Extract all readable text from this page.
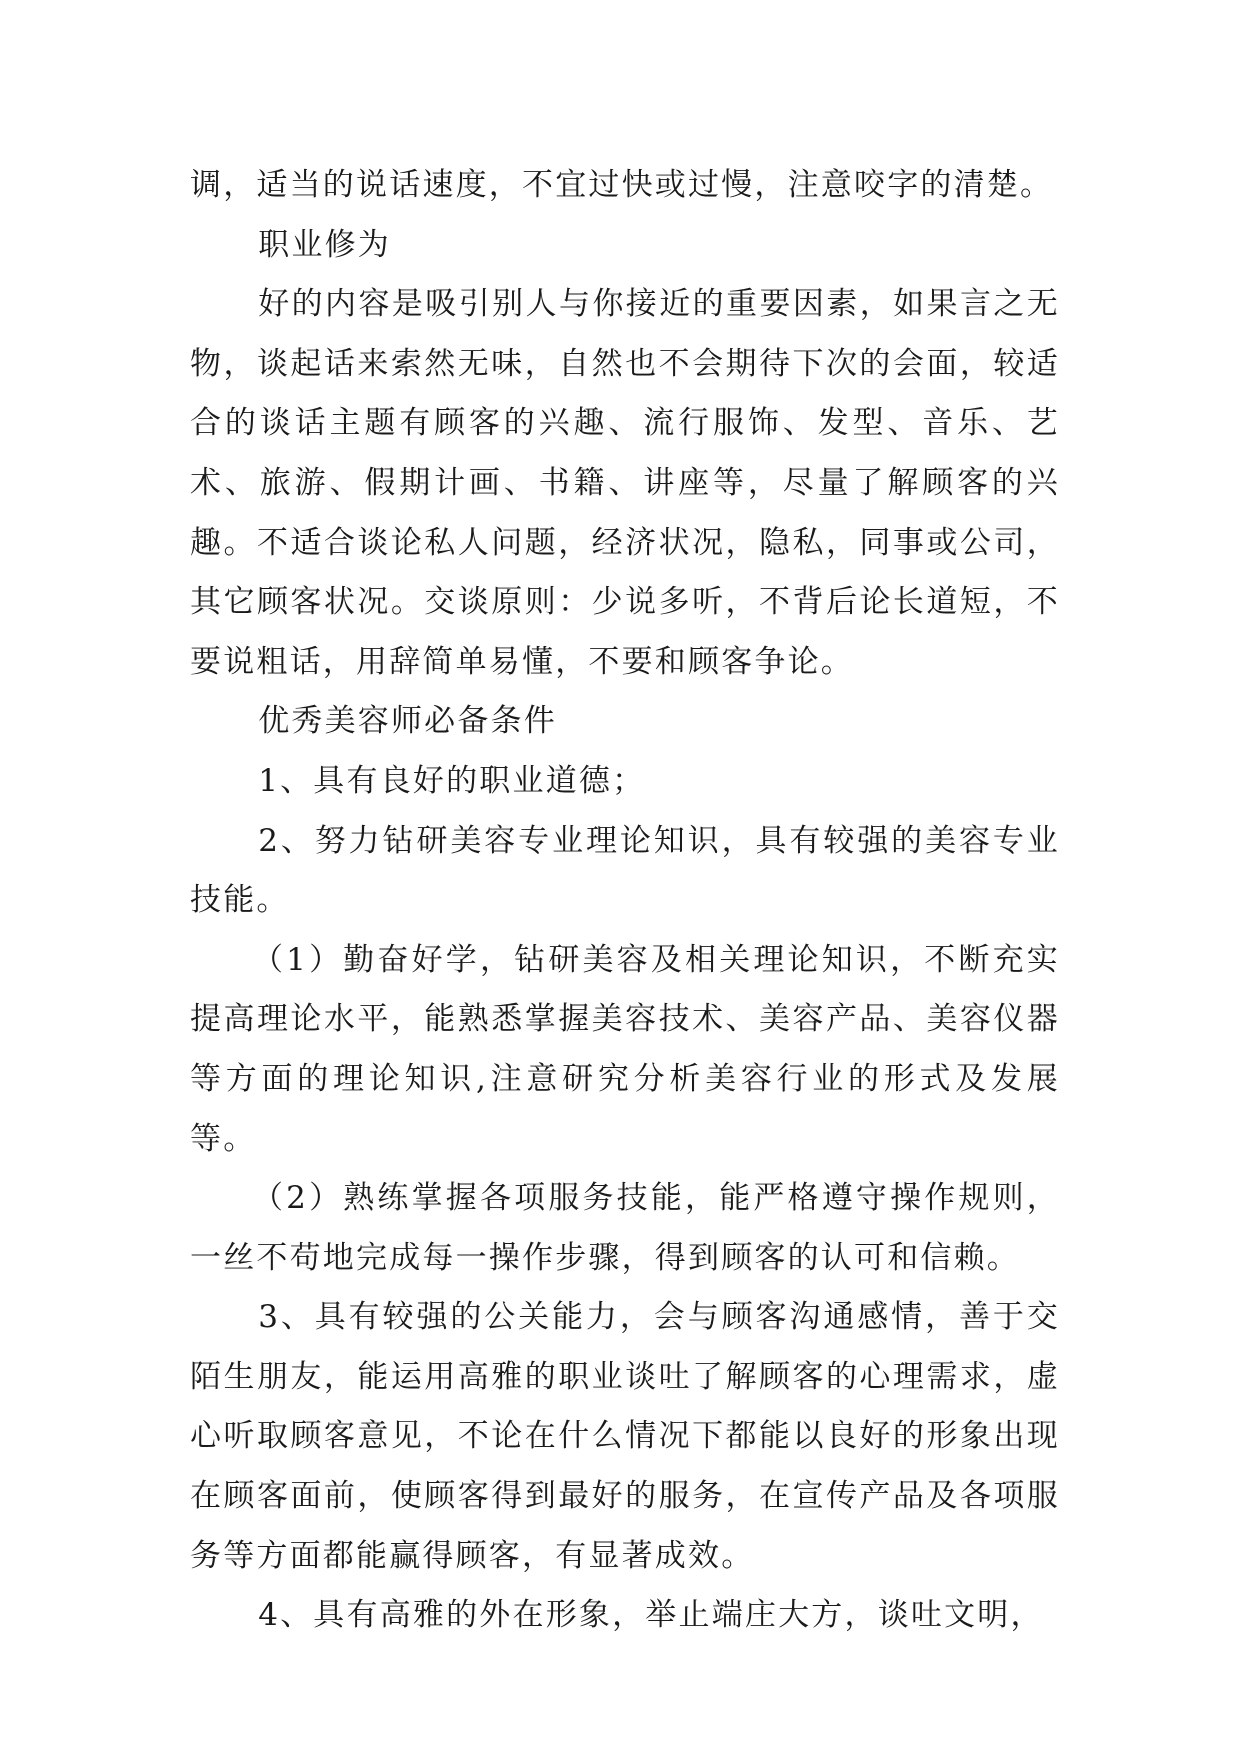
调，适当的说话速度，不宜过快或过慢，注意咬字的清楚。

职业修为

好的内容是吸引别人与你接近的重要因素，如果言之无物，谈起话来索然无味，自然也不会期待下次的会面，较适合的谈话主题有顾客的兴趣、流行服饰、发型、音乐、艺术、旅游、假期计画、书籍、讲座等，尽量了解顾客的兴趣。不适合谈论私人问题，经济状况，隐私，同事或公司，其它顾客状况。交谈原则：少说多听，不背后论长道短，不要说粗话，用辞简单易懂，不要和顾客争论。

优秀美容师必备条件

1、具有良好的职业道德；

2、努力钻研美容专业理论知识，具有较强的美容专业技能。

（1）勤奋好学，钻研美容及相关理论知识，不断充实提高理论水平，能熟悉掌握美容技术、美容产品、美容仪器等方面的理论知识,注意研究分析美容行业的形式及发展等。

（2）熟练掌握各项服务技能，能严格遵守操作规则，一丝不苟地完成每一操作步骤，得到顾客的认可和信赖。

3、具有较强的公关能力，会与顾客沟通感情，善于交陌生朋友，能运用高雅的职业谈吐了解顾客的心理需求，虚心听取顾客意见，不论在什么情况下都能以良好的形象出现在顾客面前，使顾客得到最好的服务，在宣传产品及各项服务等方面都能赢得顾客，有显著成效。

4、具有高雅的外在形象，举止端庄大方，谈吐文明，
